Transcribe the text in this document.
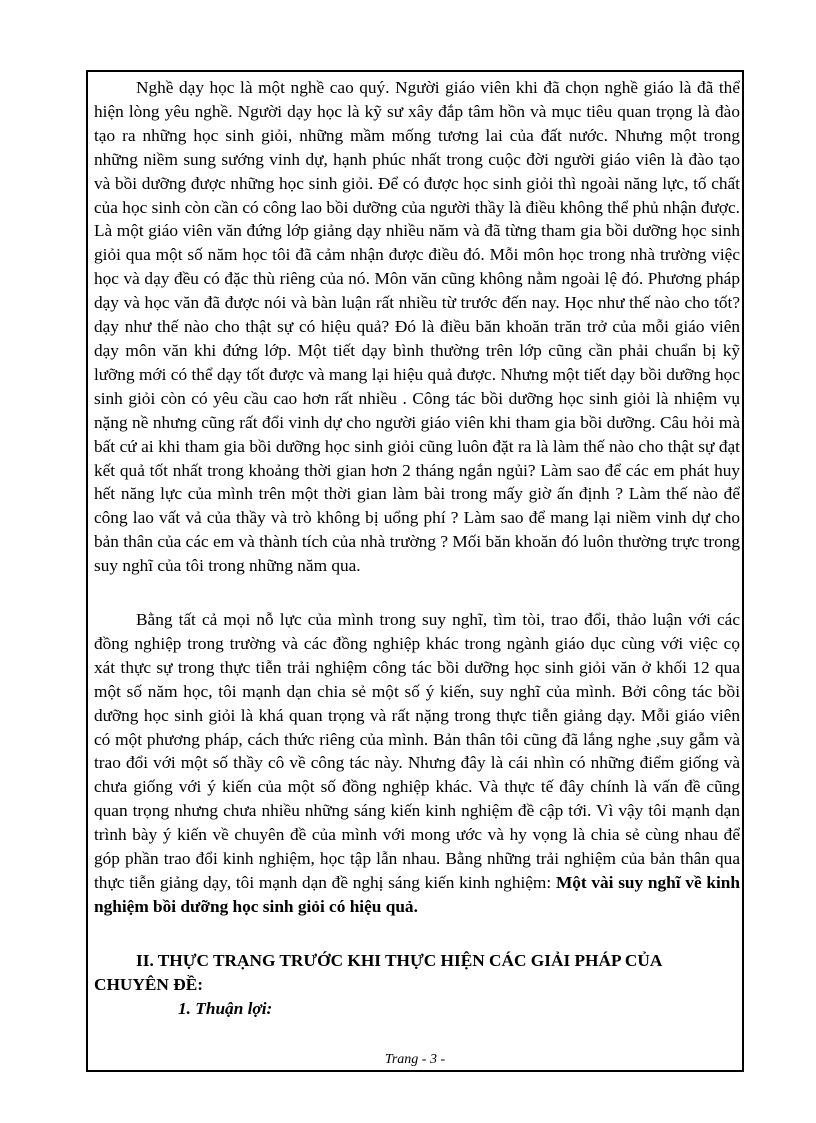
Nghề dạy học là một nghề cao quý. Người giáo viên khi đã chọn nghề giáo là đã thể hiện lòng yêu nghề. Người dạy học là kỹ sư xây đắp tâm hồn và mục tiêu quan trọng là đào tạo ra những học sinh giỏi, những mầm mống tương lai của đất nước. Nhưng một trong những niềm sung sướng vinh dự, hạnh phúc nhất trong cuộc đời người giáo viên là đào tạo và bồi dưỡng được những học sinh giỏi. Để có được học sinh giỏi thì ngoài năng lực, tố chất của học sinh còn cần có công lao bồi dưỡng của người thầy là điều không thể phủ nhận được. Là một giáo viên văn đứng lớp giảng dạy nhiều năm và đã từng tham gia bồi dưỡng học sinh giỏi qua một số năm học tôi đã cảm nhận được điều đó. Mỗi môn học trong nhà trường việc học và dạy đều có đặc thù riêng của nó. Môn văn cũng không nằm ngoài lệ đó. Phương pháp dạy và học văn đã được nói và bàn luận rất nhiều từ trước đến nay. Học như thế nào cho tốt? dạy như thế nào cho thật sự có hiệu quả? Đó là điều băn khoăn trăn trở của mỗi giáo viên dạy môn văn khi đứng lớp. Một tiết dạy bình thường trên lớp cũng cần phải chuẩn bị kỹ lưỡng mới có thể dạy tốt được và mang lại hiệu quả được. Nhưng một tiết dạy bồi dưỡng học sinh giỏi còn có yêu cầu cao hơn rất nhiều . Công tác bồi dưỡng học sinh giỏi là nhiệm vụ nặng nề nhưng cũng rất đổi vinh dự cho người giáo viên khi tham gia bồi dưỡng. Câu hỏi mà bất cứ ai khi tham gia bồi dưỡng học sinh giỏi cũng luôn đặt ra là làm thế nào cho thật sự đạt kết quả tốt nhất trong khoảng thời gian hơn 2 tháng ngắn ngủi? Làm sao để các em phát huy hết năng lực của mình trên một thời gian làm bài trong mấy giờ ấn định ? Làm thế nào để công lao vất vả của thầy và trò không bị uổng phí ? Làm sao để mang lại niềm vinh dự cho bản thân của các em và thành tích của nhà trường ? Mối băn khoăn đó luôn thường trực trong suy nghĩ của tôi trong những năm qua.

Bằng tất cả mọi nỗ lực của mình trong suy nghĩ, tìm tòi, trao đổi, thảo luận với các đồng nghiệp trong trường và các đồng nghiệp khác trong ngành giáo dục cùng với việc cọ xát thực sự trong thực tiễn trải nghiệm công tác bồi dưỡng học sinh giỏi văn ở khối 12 qua một số năm học, tôi mạnh dạn chia sẻ một số ý kiến, suy nghĩ của mình. Bởi công tác bồi dưỡng học sinh giỏi là khá quan trọng và rất nặng trong thực tiễn giảng dạy. Mỗi giáo viên có một phương pháp, cách thức riêng của mình. Bản thân tôi cũng đã lắng nghe ,suy gẫm và trao đổi với một số thầy cô về công tác này. Nhưng đây là cái nhìn có những điểm giống và chưa giống với ý kiến của một số đồng nghiệp khác. Và thực tế đây chính là vấn đề cũng quan trọng nhưng chưa nhiều những sáng kiến kinh nghiệm đề cập tới. Vì vậy tôi mạnh dạn trình bày ý kiến về chuyên đề của mình với mong ước và hy vọng là chia sẻ cùng nhau để góp phần trao đổi kinh nghiệm, học tập lẫn nhau. Bằng những trải nghiệm của bản thân qua thực tiễn giảng dạy, tôi mạnh dạn đề nghị sáng kiến kinh nghiệm: Một vài suy nghĩ về kinh nghiệm bồi dưỡng học sinh giỏi có hiệu quả.

II. THỰC TRẠNG TRƯỚC KHI THỰC HIỆN CÁC GIẢI PHÁP CỦA CHUYÊN ĐỀ:

1. Thuận lợi:

Trang - 3 -
